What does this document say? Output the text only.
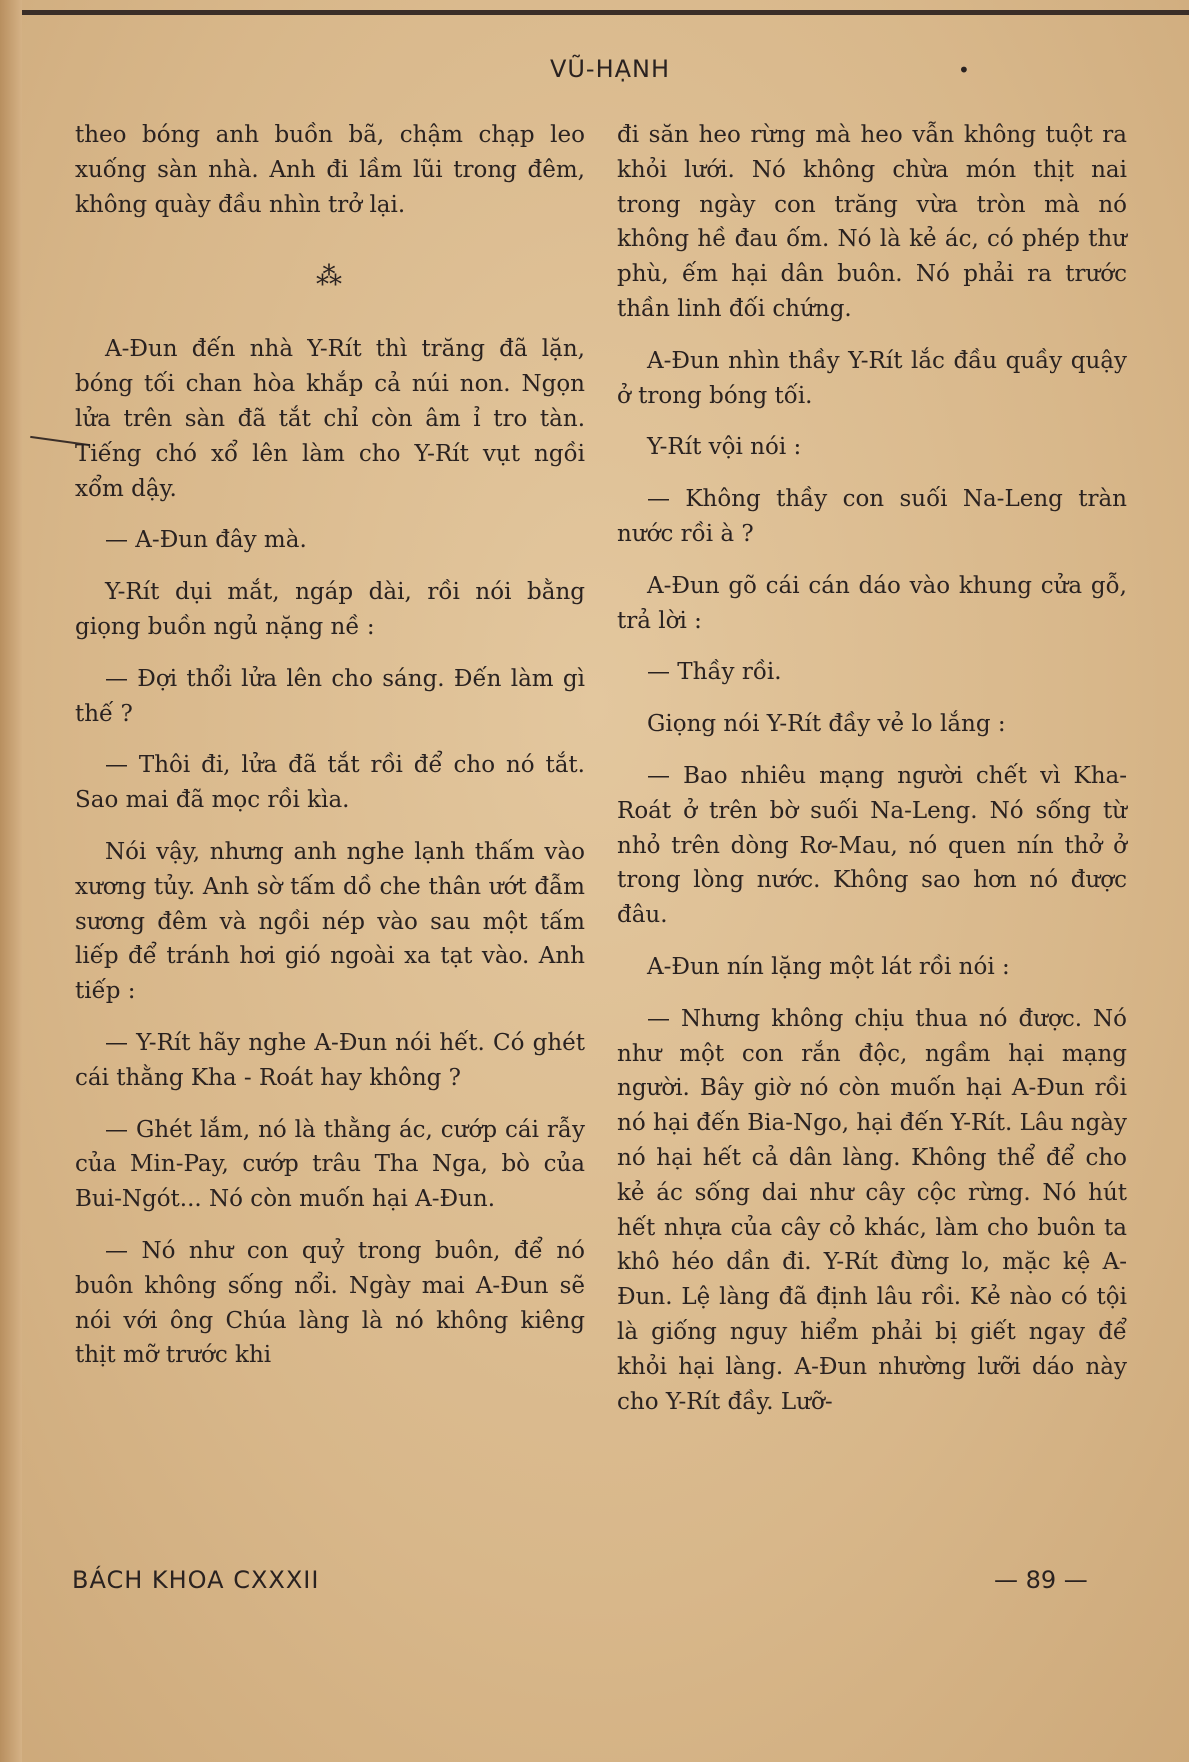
VŨ-HẠNH	•

theo bóng anh buồn bã, chậm chạp leo xuống sàn nhà. Anh đi lầm lũi trong đêm, không quày đầu nhìn trở lại.

⁂

A-Đun đến nhà Y-Rít thì trăng đã lặn, bóng tối chan hòa khắp cả núi non. Ngọn lửa trên sàn đã tắt chỉ còn âm ỉ tro tàn. Tiếng chó xổ lên làm cho Y-Rít vụt ngồi xổm dậy.

— A-Đun đây mà.

Y-Rít dụi mắt, ngáp dài, rồi nói bằng giọng buồn ngủ nặng nề :

— Đợi thổi lửa lên cho sáng. Đến làm gì thế ?

— Thôi đi, lửa đã tắt rồi để cho nó tắt. Sao mai đã mọc rồi kìa.

Nói vậy, nhưng anh nghe lạnh thấm vào xương tủy. Anh sờ tấm dồ che thân ướt đẫm sương đêm và ngồi nép vào sau một tấm liếp để tránh hơi gió ngoài xa tạt vào. Anh tiếp :

— Y-Rít hãy nghe A-Đun nói hết. Có ghét cái thằng Kha - Roát hay không ?

— Ghét lắm, nó là thằng ác, cướp cái rẫy của Min-Pay, cướp trâu Tha Nga, bò của Bui-Ngót... Nó còn muốn hại A-Đun.

— Nó như con quỷ trong buôn, để nó buôn không sống nổi. Ngày mai A-Đun sẽ nói với ông Chúa làng là nó không kiêng thịt mỡ trước khi

đi săn heo rừng mà heo vẫn không tuột ra khỏi lưới. Nó không chừa món thịt nai trong ngày con trăng vừa tròn mà nó không hề đau ốm. Nó là kẻ ác, có phép thư phù, ếm hại dân buôn. Nó phải ra trước thần linh đối chứng.

A-Đun nhìn thầy Y-Rít lắc đầu quầy quậy ở trong bóng tối.

Y-Rít vội nói :

— Không thầy con suối Na-Leng tràn nước rồi à ?

A-Đun gõ cái cán dáo vào khung cửa gỗ, trả lời :

— Thầy rồi.

Giọng nói Y-Rít đầy vẻ lo lắng :

— Bao nhiêu mạng người chết vì Kha-Roát ở trên bờ suối Na-Leng. Nó sống từ nhỏ trên dòng Rơ-Mau, nó quen nín thở ở trong lòng nước. Không sao hơn nó được đâu.

A-Đun nín lặng một lát rồi nói :

— Nhưng không chịu thua nó được. Nó như một con rắn độc, ngầm hại mạng người. Bây giờ nó còn muốn hại A-Đun rồi nó hại đến Bia-Ngo, hại đến Y-Rít. Lâu ngày nó hại hết cả dân làng. Không thể để cho kẻ ác sống dai như cây cộc rừng. Nó hút hết nhựa của cây cỏ khác, làm cho buôn ta khô héo dần đi. Y-Rít đừng lo, mặc kệ A-Đun. Lệ làng đã định lâu rồi. Kẻ nào có tội là giống nguy hiểm phải bị giết ngay để khỏi hại làng. A-Đun nhường lưỡi dáo này cho Y-Rít đầy. Lưỡ-

BÁCH KHOA CXXXII	— 89 —
